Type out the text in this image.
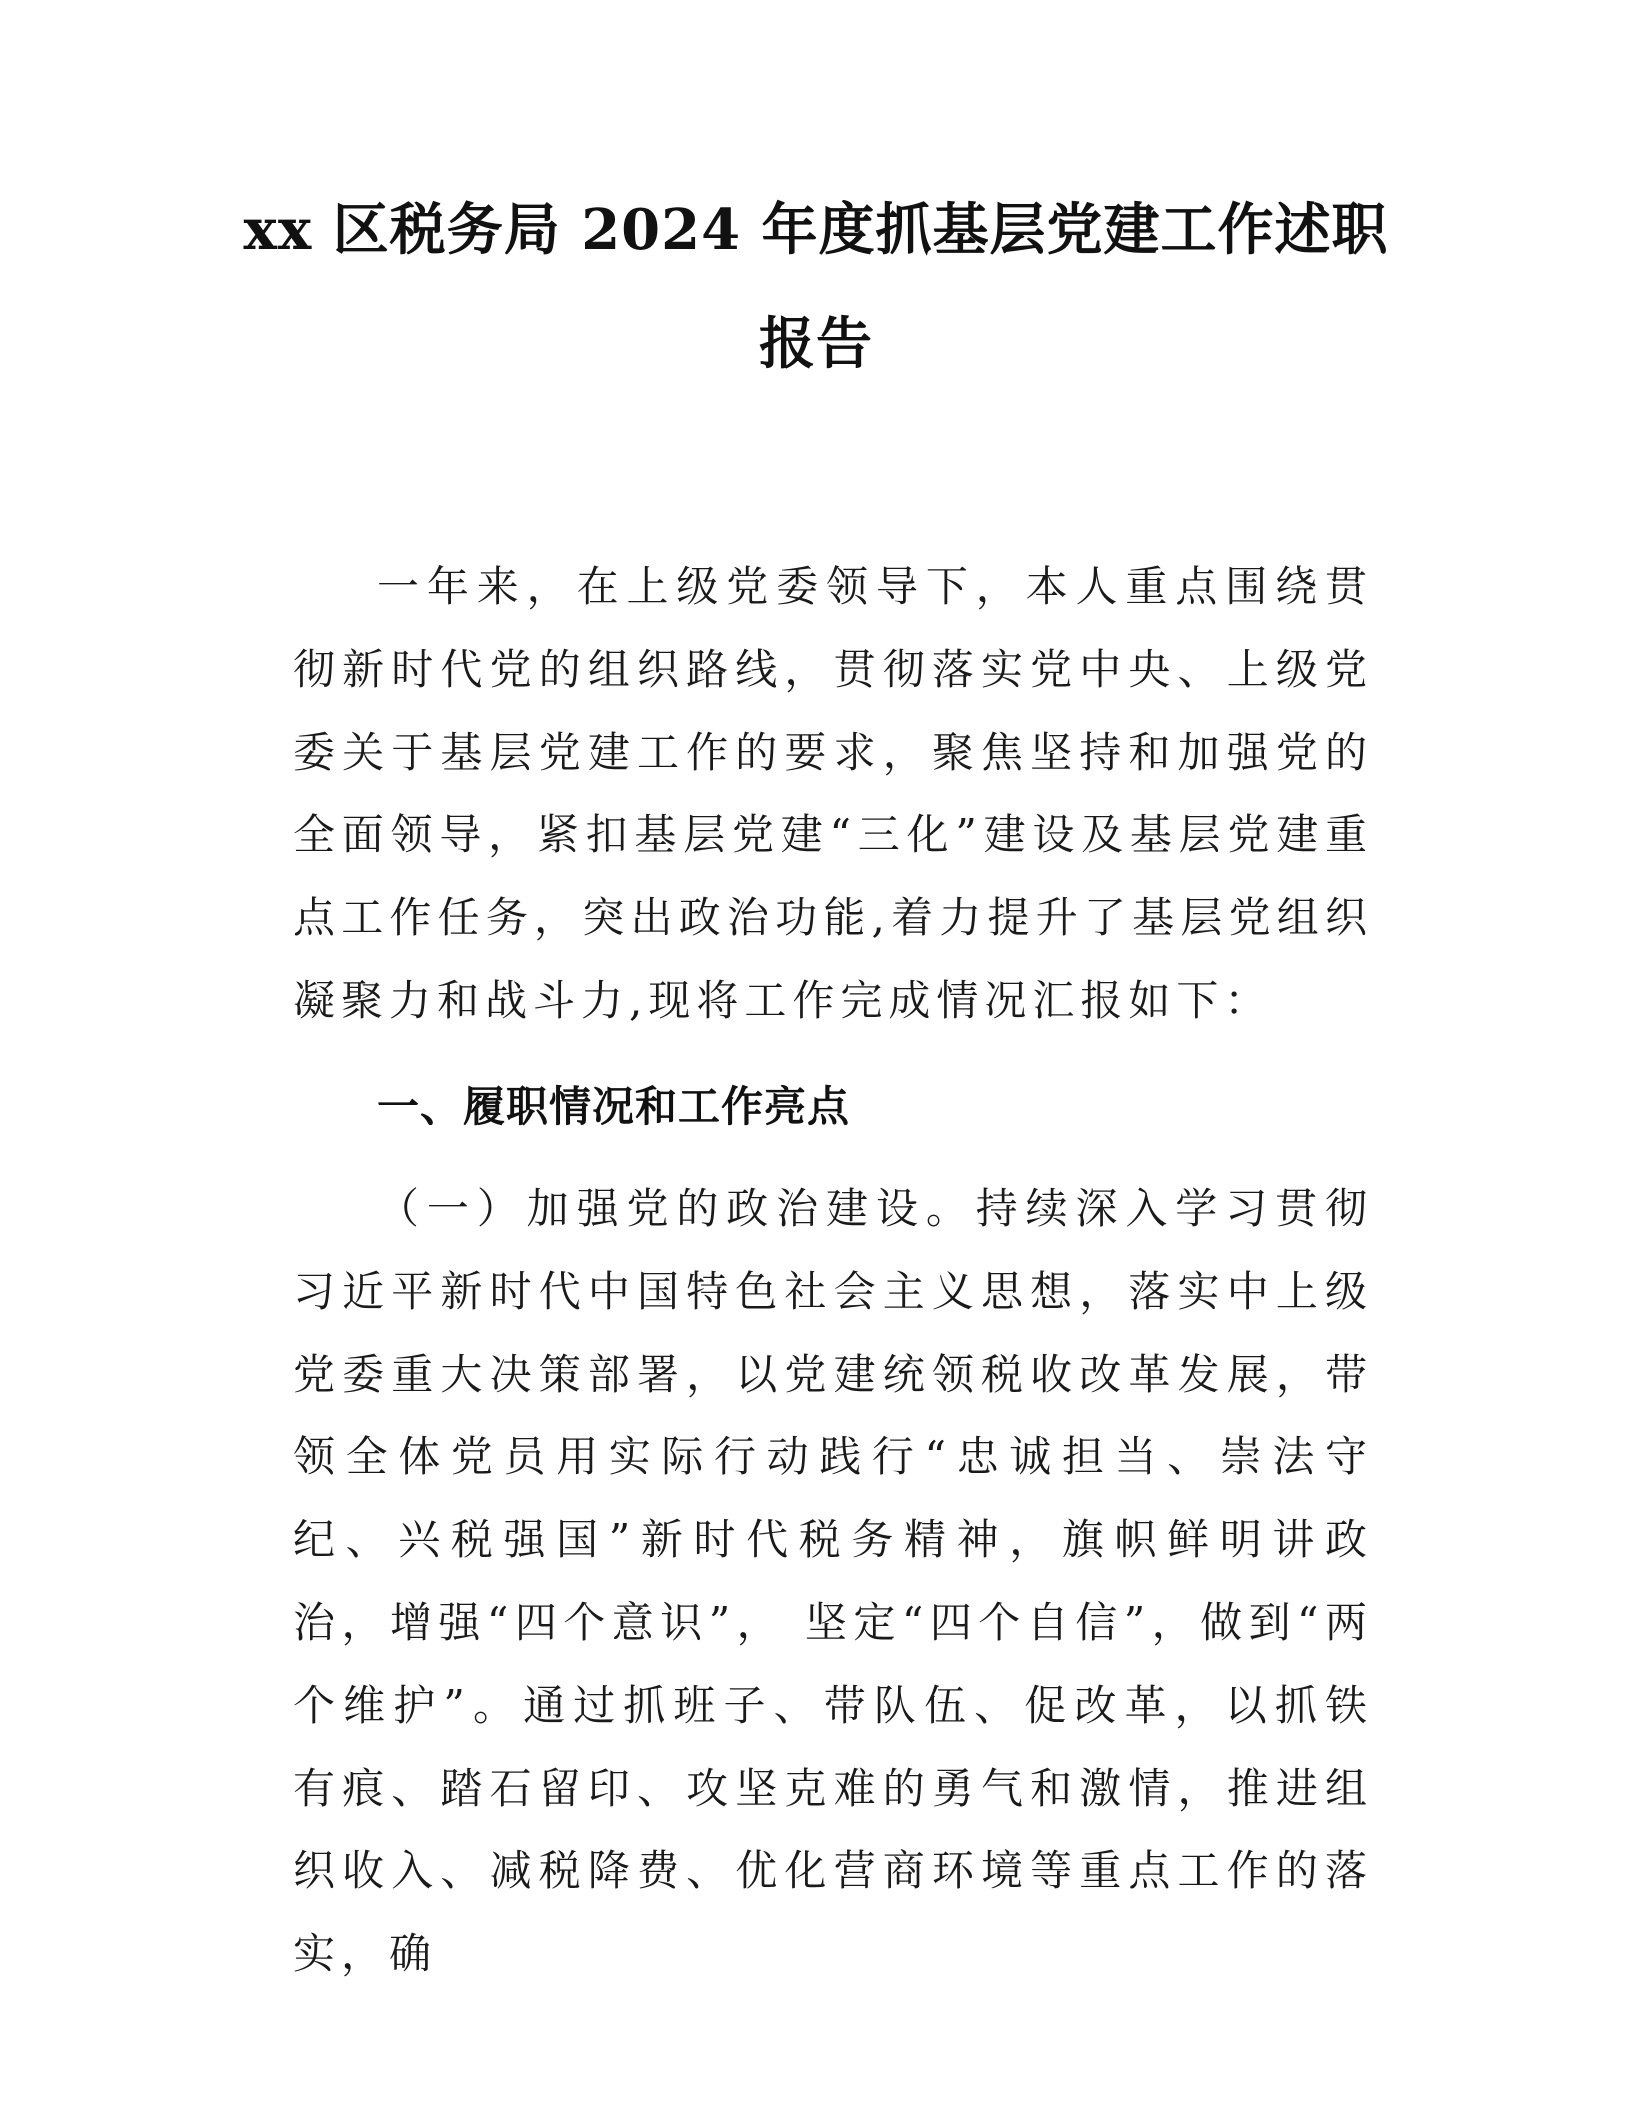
xx 区税务局 2024 年度抓基层党建工作述职
报告

一年来，在上级党委领导下，本人重点围绕贯彻新时代党的组织路线，贯彻落实党中央、上级党委关于基层党建工作的要求，聚焦坚持和加强党的全面领导，紧扣基层党建“三化”建设及基层党建重点工作任务，突出政治功能,着力提升了基层党组织凝聚力和战斗力,现将工作完成情况汇报如下：

一、履职情况和工作亮点

（一）加强党的政治建设。持续深入学习贯彻习近平新时代中国特色社会主义思想，落实中上级党委重大决策部署，以党建统领税收改革发展，带领全体党员用实际行动践行“忠诚担当、崇法守纪、兴税强国”新时代税务精神，旗帜鲜明讲政治，增强“四个意识”， 坚定“四个自信”，做到“两个维护”。通过抓班子、带队伍、促改革，以抓铁有痕、踏石留印、攻坚克难的勇气和激情，推进组织收入、减税降费、优化营商环境等重点工作的落实，确
